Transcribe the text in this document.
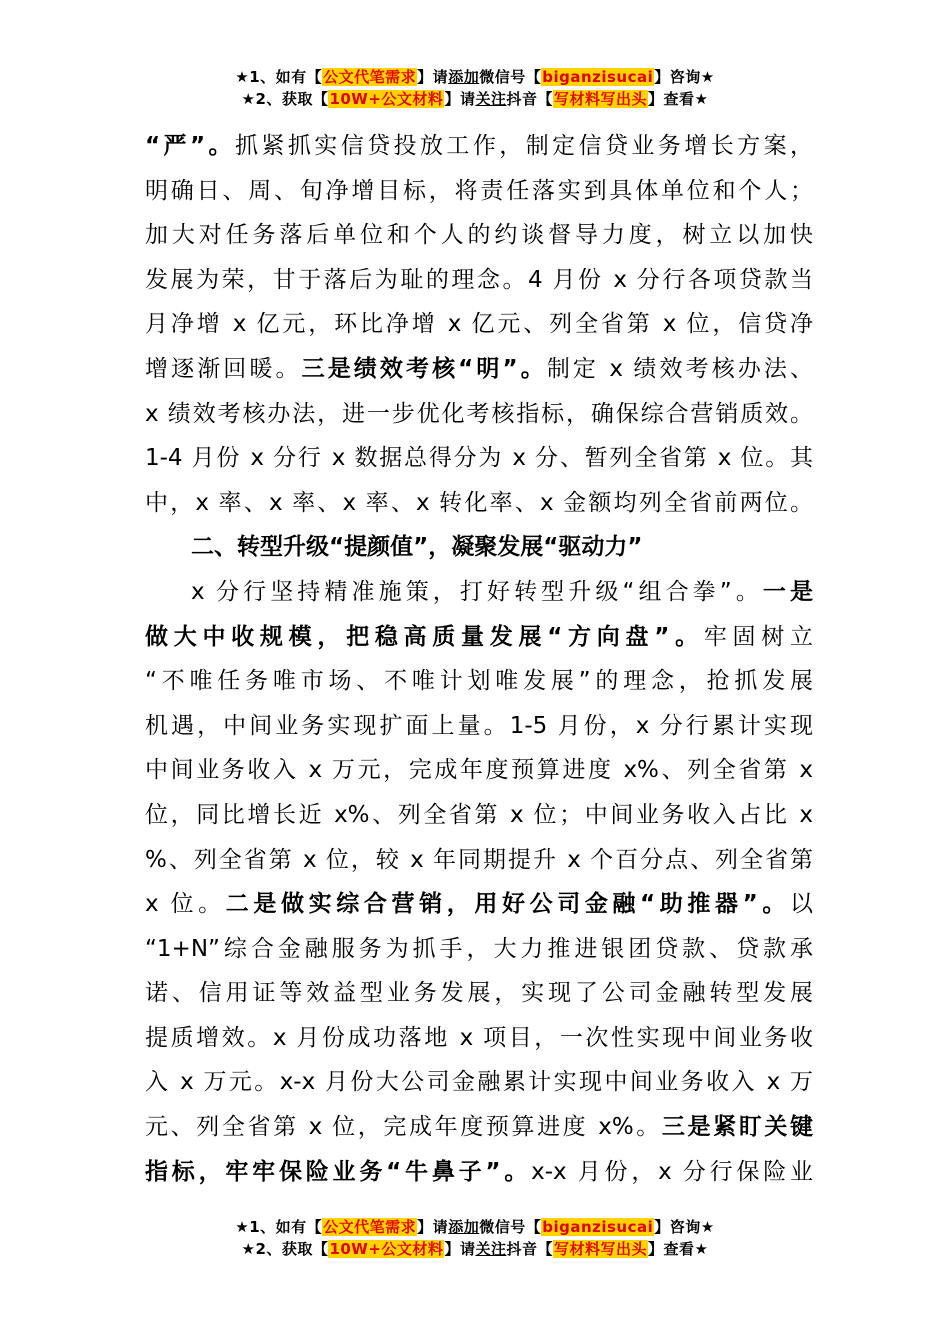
★1、如有【公文代笔需求】请添加微信号【biganzisucai】咨询★
★2、获取【10W+公文材料】请关注抖音【写材料写出头】查看★
“严”。抓紧抓实信贷投放工作，制定信贷业务增长方案，
明确日、周、旬净增目标，将责任落实到具体单位和个人；
加大对任务落后单位和个人的约谈督导力度，树立以加快
发展为荣，甘于落后为耻的理念。4 月份 x 分行各项贷款当
月净增 x 亿元，环比净增 x 亿元、列全省第 x 位，信贷净
增逐渐回暖。三是绩效考核“明”。制定 x 绩效考核办法、
x 绩效考核办法，进一步优化考核指标，确保综合营销质效。
1-4 月份 x 分行 x 数据总得分为 x 分、暂列全省第 x 位。其
中，x 率、x 率、x 率、x 转化率、x 金额均列全省前两位。
二、转型升级“提颜值”，凝聚发展“驱动力”
x 分行坚持精准施策，打好转型升级“组合拳”。一是
做大中收规模，把稳高质量发展“方向盘”。牢固树立
“不唯任务唯市场、不唯计划唯发展”的理念，抢抓发展
机遇，中间业务实现扩面上量。1-5 月份，x 分行累计实现
中间业务收入 x 万元，完成年度预算进度 x%、列全省第 x
位，同比增长近 x%、列全省第 x 位；中间业务收入占比 x
%、列全省第 x 位，较 x 年同期提升 x 个百分点、列全省第
x 位。二是做实综合营销，用好公司金融“助推器”。以
“1+N”综合金融服务为抓手，大力推进银团贷款、贷款承
诺、信用证等效益型业务发展，实现了公司金融转型发展
提质增效。x 月份成功落地 x 项目，一次性实现中间业务收
入 x 万元。x-x 月份大公司金融累计实现中间业务收入 x 万
元、列全省第 x 位，完成年度预算进度 x%。三是紧盯关键
指标，牢牢保险业务“牛鼻子”。x-x 月份，x 分行保险业
★1、如有【公文代笔需求】请添加微信号【biganzisucai】咨询★
★2、获取【10W+公文材料】请关注抖音【写材料写出头】查看★
